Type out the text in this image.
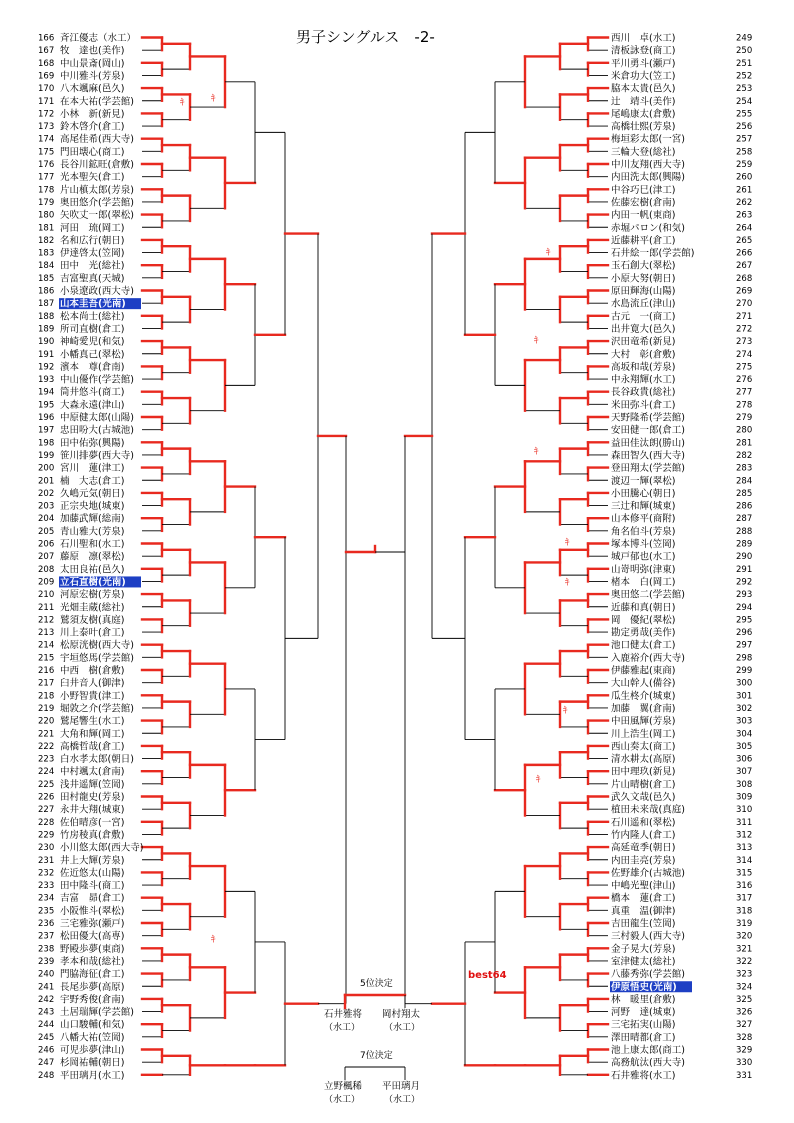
男子シングルス　-2-
ｷ	ｷ
ｷ
ｷ
ｷ
ｷ
ｷ
ｷ
ｷ
ｷ
166 斉江優志（水工）
167 牧　達也(美作)
168 中山景斎(岡山)
169 中川雅斗(芳泉)
170 八木颯麻(邑久)
171 在本大祐(学芸館)
172 小林　新(新見)
173 鈴木啓介(倉工)
174 高尾佳希(西大寺)
175 門田壊心(商工)
176 長谷川鉱旺(倉敷)
177 光本聖矢(倉工)
178 片山槙太郎(芳泉)
179 奥田悠介(学芸館)
180 矢吹丈一郎(翠松)
181 河田　琉(岡工)
182 名和広行(朝日)
183 伊達啓太(笠岡)
184 田中　光(総社)
185 吉富聖真(天城)
186 小泉遼政(西大寺)
187 山本圭吾(光南)
188 松本尚士(総社)
189 所司直樹(倉工)
190 神崎愛児(和気)
191 小幡真己(翠松)
192 濱本　尊(倉南)
193 中山優作(学芸館)
194 筒井悠斗(商工)
195 大森永遠(津山)
196 中原健太郎(山陽)
197 忠田吩大(古城池)
198 田中佑弥(興陽)
199 笹川排夢(西大寺)
200 宮川　蓮(津工)
201 楠　大志(倉工)
202 久嶋元気(朝日)
203 正宗央地(城東)
204 加藤武輝(総南)
205 青山雅大(芳泉)
206 石川聖和(水工)
207 藤原　凛(翠松)
208 太田良祐(邑久)
209 立石直樹(光南)
210 河原宏樹(芳泉)
211 光畑圭蔵(総社)
212 鷲須友樹(真庭)
213 川上泰叶(倉工)
214 松原洸樹(西大寺)
215 宇垣悠馬(学芸館)
216 中西　樹(倉敷)
217 臼井音人(御津)
218 小野智貴(津工)
219 堀敦之介(学芸館)
220 鷲尾響生(水工)
221 大角和輝(岡工)
222 高橋哲哉(倉工)
223 白水孝太郎(朝日)
224 中村颯太(倉南)
225 浅井遥輝(笠岡)
226 田村龍史(芳泉)
227 永井大翔(城東)
228 佐伯晴彦(一宮)
229 竹房稜真(倉敷)
230 小川悠太郎(西大寺)
231 井上大輝(芳泉)
232 佐近悠太(山陽)
233 田中隆斗(商工)
234 吉富　昴(倉工)
235 小阪惟斗(翠松)
236 三宅雅弥(瀬戸)
237 松田優大(高専)
238 野殿歩夢(東商)
239 孝本和哉(総社)
240 門脇海征(倉工)
241 長尾歩夢(高原)
242 宇野秀俊(倉南)
243 土居瑞輝(学芸館)
244 山口駿輔(和気)
245 八幡大祐(笠岡)
246 可児歩夢(津山)
247 杉岡祐輔(朝日)
248 平田璃月(水工)
西川　卓(水工)	249
清板詠登(商工)	250
平川勇斗(瀬戸)	251
米倉功大(笠工)	252
脇本太貴(邑久)	253
辻　靖斗(美作)	254
尾嶋康太(倉敷)	255
高橋壮熙(芳泉)	256
梅垣彩太郎(一宮)	257
三輪大登(総社)	258
中川友翔(西大寺)	259
内田洗太郎(興陽)	260
中谷巧巳(津工)	261
佐藤宏樹(倉南)	262
内田一帆(東商)	263
赤堀パロン(和気)	264
近藤耕平(倉工)	265
石井絵一郎(学芸館)	266
玉石創大(翠松)	267
小原大努(朝日)	268
原田輝海(山陽)	269
水島流丘(津山)	270
古元　一(商工)	271
出井寛大(邑久)	272
沢田竜希(新見)	273
大村　彰(倉敷)	274
高坂和哉(芳泉)	275
中永翔輝(水工)	276
長谷政貴(総社)	277
米田弥斗(倉工)	278
天野隆希(学芸館)	279
安田健一郎(倉工)	280
益田佳汰朗(勝山)	281
森田智久(西大寺)	282
登田翔太(学芸館)	283
渡辺一輝(翠松)	284
小田騰心(朝日)	285
三辻和輝(城東)	286
山本修平(商附)	287
角名伯斗(芳泉)	288
塚本博斗(笠岡)	289
城戸郁也(水工)	290
山嵜明弥(津東)	291
楮本　白(岡工)	292
奥田悠二(学芸館)	293
近藤和真(朝日)	294
岡　優紀(翠松)	295
勘定勇哉(美作)	296
池口健太(倉工)	297
入鹿裕介(西大寺)	298
伊藤雅起(東商)	299
大山幹人(備谷)	300
瓜生柊介(城東)	301
加藤　翼(倉南)	302
中田風輝(芳泉)	303
川上浩生(岡工)	304
西山奏太(商工)	305
清水耕太(高原)	306
田中理玖(新見)	307
片山晴樹(倉工)	308
武久文哉(邑久)	309
植田未来哉(真庭)	310
石川遥和(翠松)	311
竹内隆人(倉工)	312
高延竜季(朝日)	313
内田圭亮(芳泉)	314
佐野雄介(古城池)	315
中嶋光聖(津山)	316
橋本　蓮(倉工)	317
真重　温(御津)	318
吉田龍生(笠岡)	319
三村毅人(西大寺)	320
金子晃大(芳泉)	321
室津健太(総社)	322
八藤秀弥(学芸館)	323
伊原悟史(光南)	324
林　暖里(倉敷)	325
河野　達(城東)	326
三宅拓実(山陽)	327
澤田晴都(倉工)	328
池上康太郎(商工)	329
高務航汰(西大寺)	330
石井雅将(水工)	331
best64
5位決定
石井雅将
（水工）
岡村翔太
（水工）
7位決定
立野楓稀
（水工）
平田璃月
（水工）
